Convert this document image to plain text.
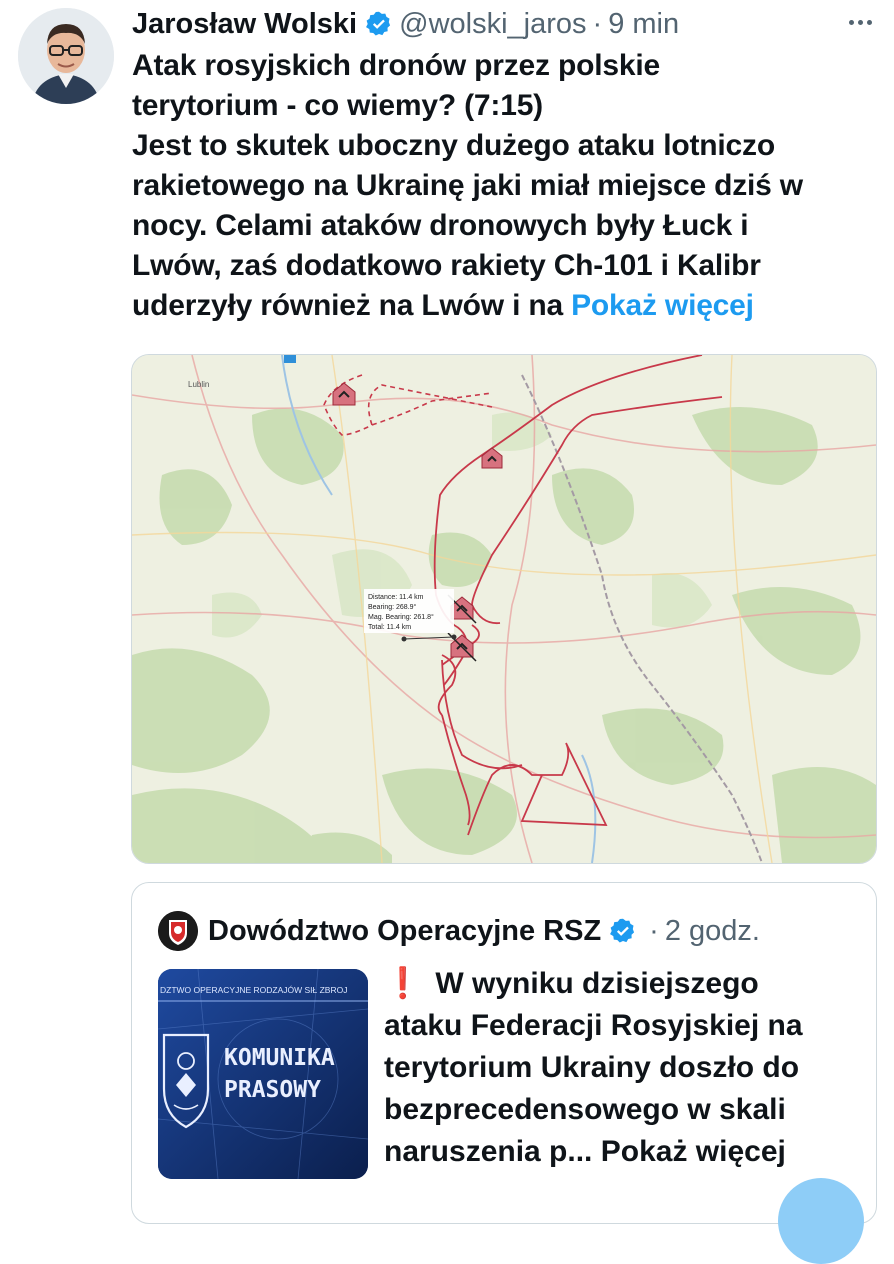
Jarosław Wolski @wolski_jaros · 9 min

Atak rosyjskich dronów przez polskie

terytorium - co wiemy? (7:15)

Jest to skutek uboczny dużego ataku lotniczo

rakietowego na Ukrainę jaki miał miejsce dziś w

nocy. Celami ataków dronowych były Łuck i

Lwów, zaś dodatkowo rakiety Ch-101 i Kalibr

uderzyły również na Lwów i na Pokaż więcej

Lublin
Distance: 11.4 km
Bearing: 268.9°
Mag. Bearing: 261.8°
Total: 11.4 km
Dowództwo Operacyjne RSZ · 2 godz.
DZTWO OPERACYJNE RODZAJÓW SIŁ ZBROJ
KOMUNIKA
PRASOWY

❗ W wyniku dzisiejszego

ataku Federacji Rosyjskiej na

terytorium Ukrainy doszło do

bezprecedensowego w skali

naruszenia p... Pokaż więcej
